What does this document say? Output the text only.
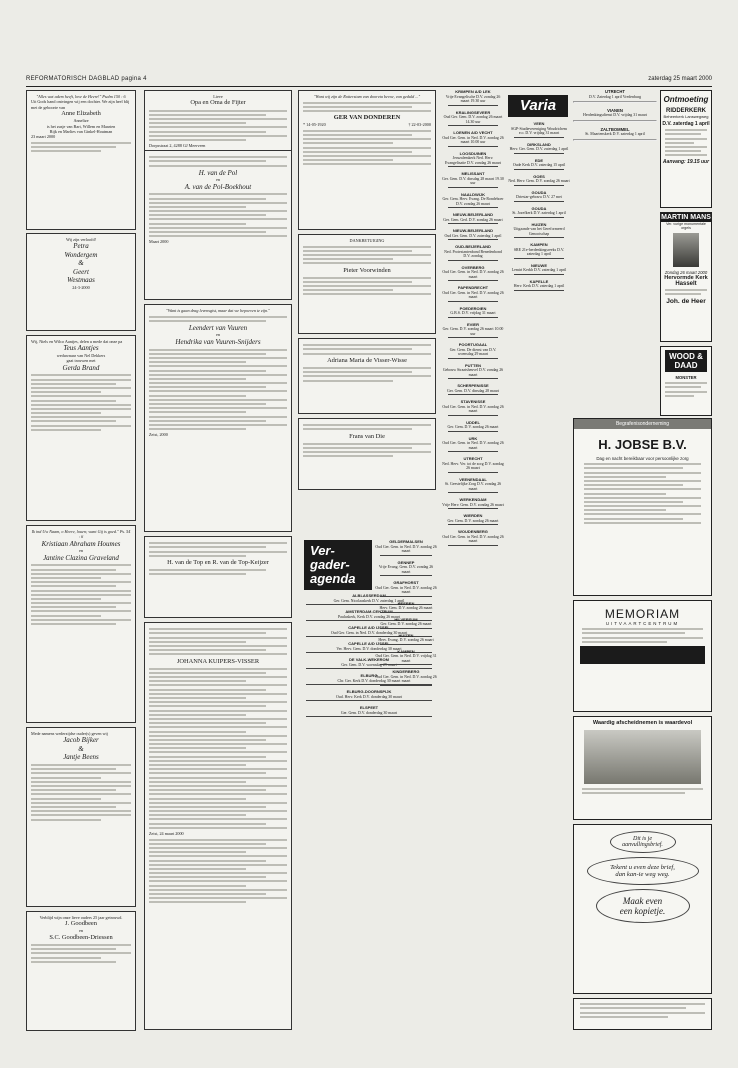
REFORMATORISCH DAGBLAD pagina 4	zaterdag 25 maart 2000
"Alles wat adem heeft, love de Heere!" Psalm 150 : 6
Uit Gods hand ontvingen wij een dochter. We zijn heel blij met de geboorte van
Anne Elizabeth
Annelize
is het zusje van Bart, Willem en Maarten
Rijk en Marlies van Ginkel-Houtman
23 maart 2000
Wij zijn verloofd!
Petra
Wondergem
&
Geert
Westmaas
24-3-2000
Wij, Niels en Wilco Aantjes, delen u mede dat onze pa
Teus Aantjes
weduwnaar van Nel Dekkers
gaat trouwen met
Gerda Brand
Ik ind Uw Naam, o Heere, louen; want Gij is goed." Ps. 54 : 6
Kristiaan Abraham Houmes
en
Jantine Clazina Graveland
Mede namens wederzijdse ouder(s) geven wij
Jacob Bijker
&
Jantje Beens
Verblijd wijn onze lieve ouders 25 jaar getrouwd.
J. Goodbeen
en
S.C. Goodbeen-Driessen
Lieve
Opa en Oma de Fijter
Dorpsstraat 2, 4288 GJ Meerveen
H. van de Pol
en
A. van de Pol-Boekhout
Maart 2000
"Want is gaan drag levensgist, maar dat we bepoeven te zijn."
Leendert van Vuuren
en
Hendrika van Vuuren-Snijders
Zeist, 2000
H. van de Top en R. van de Top-Keijzer
JOHANNA KUIPERS-VISSER
Zeist, 24 maart 2000
"Want wij zijn de Rotterstam van doorvta bevoe, van geduld ..."
GER VAN DONDEREN
* 14-05-1920	† 22-03-2000
DANKBETUIGING
Pieter Voorwinden
Adriana Maria de Visser-Wisse
Frans van Die
Ver-gader-agenda
ALBLASSERDAM
Ger. Gem. Nicolaaskerk D.V. zaterdag 1 april
AMSTERDAM-CENTRUM
Pauluskerk, Kerk D.V. zondag 26 maart
CAPELLE A/D IJSSEL
Oud Ger. Gem. in Ned. D.V. donderdag 30 maart
CAPELLE A/D IJSSEL
Ver. Herv. Gem. D.V. donderdag 30 maart
DE VALK-WEKEROM
Ger. Gem. D.V. woensdag 29 maart
ELBURG
Chr. Ger. Kerk D.V. donderdag 30 maart
ELBURG-DOORNSPIJK
Oud. Herv. Kerk D.V. donderdag 30 maart
ELSPEET
Ger. Gem. D.V. donderdag 30 maart
GELDERMALSEN
Oud Ger. Gem. in Ned. D.V. zondag 26 maart
GENNEP
Vrije Evang. Gem. D.V. zondag 26 maart
GRAFHORST
Oud Ger. Gem. in Ned. D.V. zondag 26 maart
HEEREN
Herv. Gem. D.V. zondag 26 maart
HILVERSUM
Ger. Gem. D.V. zondag 26 maart
HUIZEN
Herv. Evang. D.V. zondag 26 maart
KAMPEN
Oud Ger. Gem. in Ned. D.V. vrijdag 31 maart
KINDERBERG
Oud Ger. Gem. in Ned. D.V. zondag 26 maart
KRIMPEN A/D LEK
Vrije Evangelische D.V. zondag 26 maart 19.30 uur
KRALINGSEVEER
Oud Ger. Gem. D.V. zondag 26 maart 14.30 uur
LOENEN A/D VECHT
Oud Ger. Gem. in Ned. D.V. zondag 26 maart 10.00 uur
LOOSDUINEN
Jeruzalemkerk Ned. Herv. Evangelisatie D.V. zondag 26 maart
MELISSANT
Ger. Gem. D.V. dinsdag 28 maart 19.30 uur
NAALDWIJK
Ger. Gem. Herv. Evang. De Rondeboer D.V. zondag 26 maart
NIEUW-BEIJERLAND
Ger. Gem. Ged. D.V. zondag 26 maart
NIEUW-BEIJERLAND
Oud Ger. Gem. D.V. zaterdag 1 april
OUD-BEIJERLAND
Ned. Protestantenbond Benedenbond D.V. zondag
OVERBERG
Oud Ger. Gem. in Ned. D.V. zondag 26 maart
PAPENDRECHT
Oud Ger. Gem. in Ned. D.V. zondag 26 maart
POEDEROIEN
G.B.S. D.V. vrijdag 31 maart
EVIER
Ger. Gem. D.V. zondag 26 maart 10.00 uur
POORTUGAAL
Ger. Gem. De dienst van D.V. woensdag 29 maart
PUTTEN
Gebouw Straatsheuvel D.V. zondag 26 maart
SCHERPENISSE
Ger. Gem. D.V. dinsdag 28 maart
STAVENISSE
Oud Ger. Gem. in Ned. D.V. zondag 26 maart
UDDEL
Ger. Gem. D.V. zondag 26 maart
URK
Oud Ger. Gem. in Ned. D.V. zondag 26 maart
UTRECHT
Ned. Herv. Ver. tot de zorg D.V. zondag 26 maart
VEENENDAAL
St. Geestelijke Zorg D.V. zondag 26 maart
WERKENDAM
Vrije Herv. Gem. D.V. zondag 26 maart
WIERDEN
Ger. Gem. D.V. zondag 26 maart
WOUDENBERG
Oud Ger. Gem. in Ned. D.V. zondag 26 maart
Varia
VEEN
SGP-Studievereniging Woudrichem e.o. D.V. vrijdag 31 maart
DIRKSLAND
Herv. Ger. Gem. D.V. zaterdag 1 april
EDE
Oude Kerk D.V. zaterdag 15 april
GOES
Ned. Herv. Gem. D.V. zondag 26 maart
GOUDA
Driestar-gebouw D.V. 27 mei
GOUDA
St. Jozefkerk D.V. zaterdag 1 april
HUIZEN
Uitgaande van het Gereformeerd Genootschap
KAMPEN
SRE 21e-herdenkingsreeks D.V. zaterdag 1 april
NIEUWE
Lemiri Kerkh D.V. zaterdag 1 april
KAPELLE
Herv. Kerk D.V. zaterdag 1 april
UTRECHT
D.V. Zaterdag 1 april Vredenburg
VIANEN
Herdenkingsdienst D.V. vrijdag 31 maart
ZALTBOMMEL
St. Maartenskerk D.V. zaterdag 1 april
Ontmoeting
RIDDERKERK
Beheerkerk Lanswegweg
D.V. zaterdag 1 april
Aanvang: 19.15 uur
MARTIN MANS
Ver. vurige monumentale orgels
Zondag 26 maart 2000
Hervormde Kerk
Hasselt
Joh. de Heer
WOOD & DAAD
MONSTER
Begrafenisonderneming
H. JOBSE B.V.
Dag en nacht bereikbaar voor persoonlijke zorg
MEMORIAM
UITVAARTCENTRUM
Waardig afscheidnemen is waardevol
Dit is je
aanvullingsbrief.
Tekent u even deze brief,
dan kan-ie weg weg.
Maak even
een kopietje.
